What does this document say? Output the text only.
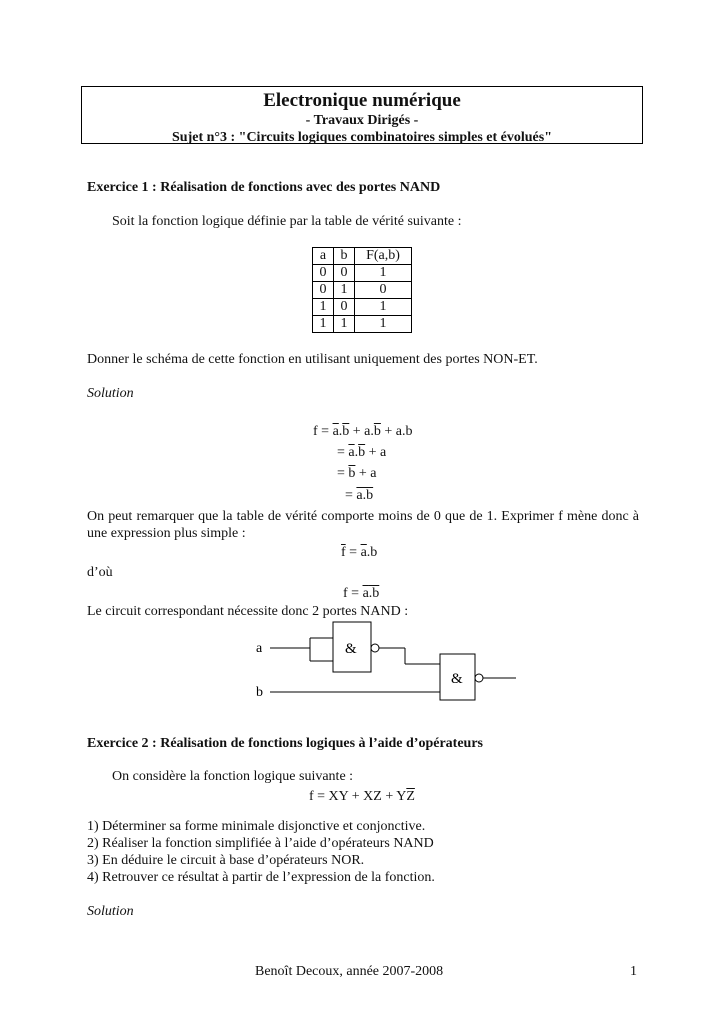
Electronique numérique
- Travaux Dirigés -
Sujet n°3 : "Circuits logiques combinatoires simples et évolués"
Exercice 1 : Réalisation de fonctions avec des portes NAND
Soit la fonction logique définie par la table de vérité suivante :
a	b	F(a,b)
0	0	1
0	1	0
1	0	1
1	1	1
Donner le schéma de cette fonction en utilisant uniquement des portes NON-ET.
Solution
$f = \overline{a}.\overline{b} + a.\overline{b} + a.b$
= $\overline{a}.\overline{b} + a$
= $\overline{b} + a$
= a.b
On peut remarquer que la table de vérité comporte moins de 0 que de 1. Exprimer f mène donc à une expression plus simple :
$\overline{f} = \overline{a}.b$
d’où
f = a.b
Le circuit correspondant nécessite donc 2 portes NAND :
a
b
&
&
Exercice 2 : Réalisation de fonctions logiques à l’aide d’opérateurs
On considère la fonction logique suivante :
f = XY + XZ + $Y\overline{Z}$
1) Déterminer sa forme minimale disjonctive et conjonctive.
2) Réaliser la fonction simplifiée à l’aide d’opérateurs NAND
3) En déduire le circuit à base d’opérateurs NOR.
4) Retrouver ce résultat à partir de l’expression de la fonction.
Solution
Benoît Decoux, année 2007-2008	1
